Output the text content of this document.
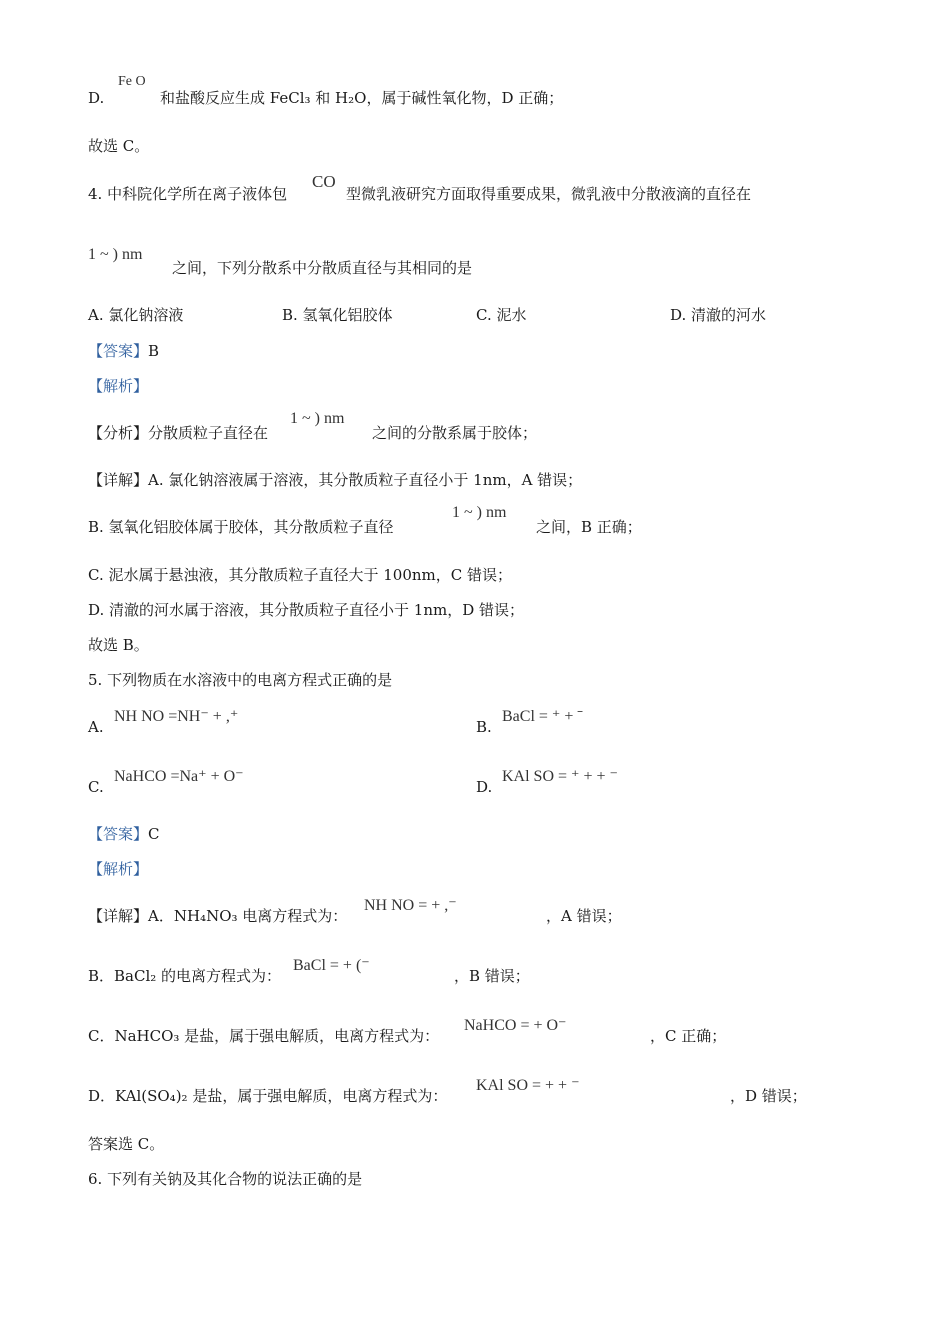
D.
Fe O
和盐酸反应生成 FeCl₃ 和 H₂O，属于碱性氧化物，D 正确；
故选 C。
4. 中科院化学所在离子液体包
CO
型微乳液研究方面取得重要成果，微乳液中分散液滴的直径在
1 ~ ) nm
之间，下列分散系中分散质直径与其相同的是
A. 氯化钠溶液	B. 氢氧化铝胶体	C. 泥水	D. 清澈的河水
【答案】B
【解析】
【分析】分散质粒子直径在
1 ~ ) nm
之间的分散系属于胶体；
【详解】A. 氯化钠溶液属于溶液，其分散质粒子直径小于 1nm，A 错误；
B. 氢氧化铝胶体属于胶体，其分散质粒子直径
1 ~ ) nm
之间，B 正确；
C. 泥水属于悬浊液，其分散质粒子直径大于 100nm，C 错误；
D. 清澈的河水属于溶液，其分散质粒子直径小于 1nm，D 错误；
故选 B。
5. 下列物质在水溶液中的电离方程式正确的是
A.
NH NO =NH⁻ + ,⁺
B.
BaCl = ⁺ + ˉ
C.
NaHCO =Na⁺ + O⁻
D.
KAl SO = ⁺ + + ⁻
【答案】C
【解析】
【详解】A．NH₄NO₃ 电离方程式为：
NH NO = + ,⁻
，A 错误；
B．BaCl₂ 的电离方程式为：
BaCl = + (⁻
，B 错误；
C．NaHCO₃ 是盐，属于强电解质，电离方程式为：
NaHCO = + O⁻
，C 正确；
D．KAl(SO₄)₂ 是盐，属于强电解质，电离方程式为：
KAl SO = + + ⁻
，D 错误；
答案选 C。
6. 下列有关钠及其化合物的说法正确的是
